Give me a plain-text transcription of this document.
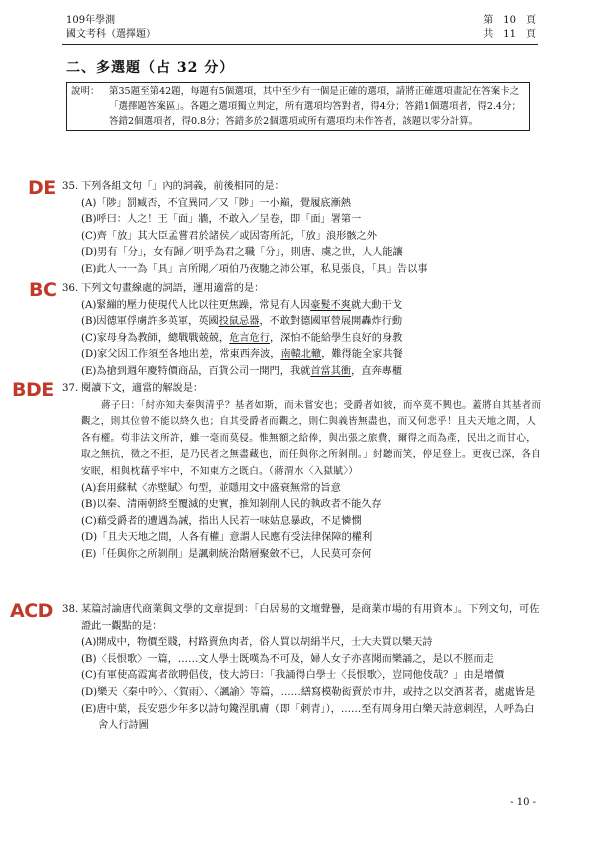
109年學測
國文考科（選擇題）
第　10　頁
共　11　頁
二、多選題（占 32 分）
說明： 第35題至第42題，每題有5個選項，其中至少有一個是正確的選項，請將正確選項畫記在答案卡之「選擇題答案區」。各題之選項獨立判定，所有選項均答對者，得4分；答錯1個選項者，得2.4分；答錯2個選項者，得0.8分；答錯多於2個選項或所有選項均未作答者，該題以零分計算。
DE 35. 下列各組文句「」內的詞義，前後相同的是：
(A)「陟」罰臧否，不宜異同／又「陟」一小巔，覺履底漸熱
(B)呼曰：人之！王「面」牆，不敢入／呈卷，即「面」署第一
(C)齊「放」其大臣孟嘗君於諸侯／或因寄所託，「放」浪形骸之外
(D)男有「分」，女有歸／明乎為君之職「分」，則唐、虞之世，人人能讓
(E)此人一一為「具」言所聞／項伯乃夜馳之沛公軍，私見張良，「具」告以事
BC 36. 下列文句畫線處的詞語，運用適當的是：
(A)緊繃的壓力使現代人比以往更焦躁，常見有人因豪髮不爽就大動干戈
(B)因德軍俘虜許多英軍，英國投鼠忌器，不敢對德國軍營展開轟炸行動
(C)家母身為教師，總戰戰兢兢，危言危行，深怕不能給學生良好的身教
(D)家父因工作須至各地出差，常東西奔波，南轅北轍，難得能全家共餐
(E)為搶到週年慶特價商品，百貨公司一開門，我就首當其衝，直奔專櫃
BDE 37. 閱讀下文，適當的解說是：
蔣子曰：「紂亦知夫秦與清乎？基者如斯，而未嘗安也；受爵者如彼，而卒莫不興也。蓋將自其基者而觀之，則其位曾不能以終久也；自其受爵者而觀之，則仁與義皆無盡也，而又何悲乎！且夫天地之間，人各有權。苟非法文所許，雖一毫而莫侵。惟無額之給俸，與出張之旅費，爾得之而為產，民出之而甘心，取之無抗，徵之不拒，是乃民者之無盡藏也，而任與你之所剝削。」紂聽而笑，停足登上。更夜已深，各自安眠，相與枕藉乎牢中，不知東方之既白。（蔣渭水〈入獄賦〉）
(A)套用蘇軾〈赤壁賦〉句型，並隱用文中盛衰無常的旨意
(B)以秦、清兩朝終至覆滅的史實，推知剝削人民的執政者不能久存
(C)藉受爵者的遭遇為誡，指出人民若一味姑息暴政，不足憐憫
(D)「且夫天地之間，人各有權」意謂人民應有受法律保障的權利
(E)「任與你之所剝削」是諷刺統治階層聚斂不已，人民莫可奈何
ACD 38. 某篇討論唐代商業與文學的文章提到：「白居易的文壇聲譽，是商業市場的有用資本」。下列文句，可佐證此一觀點的是：
(A)開成中，物價至賤，村路賣魚肉者，俗人買以胡絹半尺，士大夫買以樂天詩
(B)〈長恨歌〉一篇，……文人學士既嘆為不可及，婦人女子亦喜聞而樂誦之，是以不脛而走
(C)有軍使高霞寓者欲聘倡伎，伎大誇曰：「我誦得白學士〈長恨歌〉，豈同他伎哉？」由是增價
(D)樂天〈秦中吟〉、〈賀雨〉、〈諷諭〉等篇，……繕寫模勒衒賣於市井，或持之以交酒茗者，處處皆是
(E)唐中葉，長安惡少年多以詩句鑱涅肌膚（即「刺青」），……至有周身用白樂天詩意刺涅，人呼為白舍人行詩圖
- 10 -
